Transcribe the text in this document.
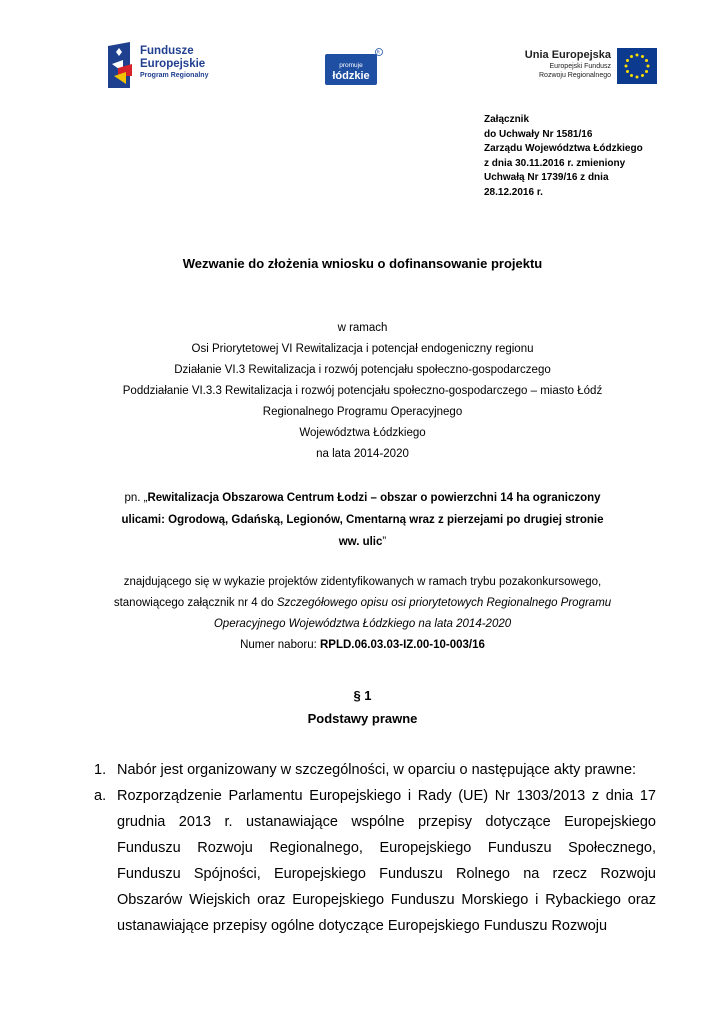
Fundusze
Europejskie
Program Regionalny
R
promuje
łódzkie
Unia Europejska
Europejski Fundusz
Rozwoju Regionalnego
Załącznik
do Uchwały Nr 1581/16
Zarządu Województwa Łódzkiego
z dnia 30.11.2016 r. zmieniony
Uchwałą Nr 1739/16 z dnia
28.12.2016 r.
Wezwanie do złożenia wniosku o dofinansowanie projektu
w ramach
Osi Priorytetowej VI Rewitalizacja i potencjał endogeniczny regionu
Działanie VI.3 Rewitalizacja i rozwój potencjału społeczno-gospodarczego
Poddziałanie VI.3.3 Rewitalizacja i rozwój potencjału społeczno-gospodarczego – miasto Łódź
Regionalnego Programu Operacyjnego
Województwa Łódzkiego
na lata 2014-2020
pn. „Rewitalizacja Obszarowa Centrum Łodzi – obszar o powierzchni 14 ha ograniczony
ulicami: Ogrodową, Gdańską, Legionów, Cmentarną wraz z pierzejami po drugiej stronie
ww. ulic”
znajdującego się w wykazie projektów zidentyfikowanych w ramach trybu pozakonkursowego,
stanowiącego załącznik nr 4 do Szczegółowego opisu osi priorytetowych Regionalnego Programu
Operacyjnego Województwa Łódzkiego na lata 2014-2020
Numer naboru: RPLD.06.03.03-IZ.00-10-003/16
§ 1
Podstawy prawne
1. Nabór jest organizowany w szczególności, w oparciu o następujące akty prawne:
a. Rozporządzenie Parlamentu Europejskiego i Rady (UE) Nr 1303/2013 z dnia 17 grudnia 2013 r. ustanawiające wspólne przepisy dotyczące Europejskiego Funduszu Rozwoju Regionalnego, Europejskiego Funduszu Społecznego, Funduszu Spójności, Europejskiego Funduszu Rolnego na rzecz Rozwoju Obszarów Wiejskich oraz Europejskiego Funduszu Morskiego i Rybackiego oraz ustanawiające przepisy ogólne dotyczące Europejskiego Funduszu Rozwoju
